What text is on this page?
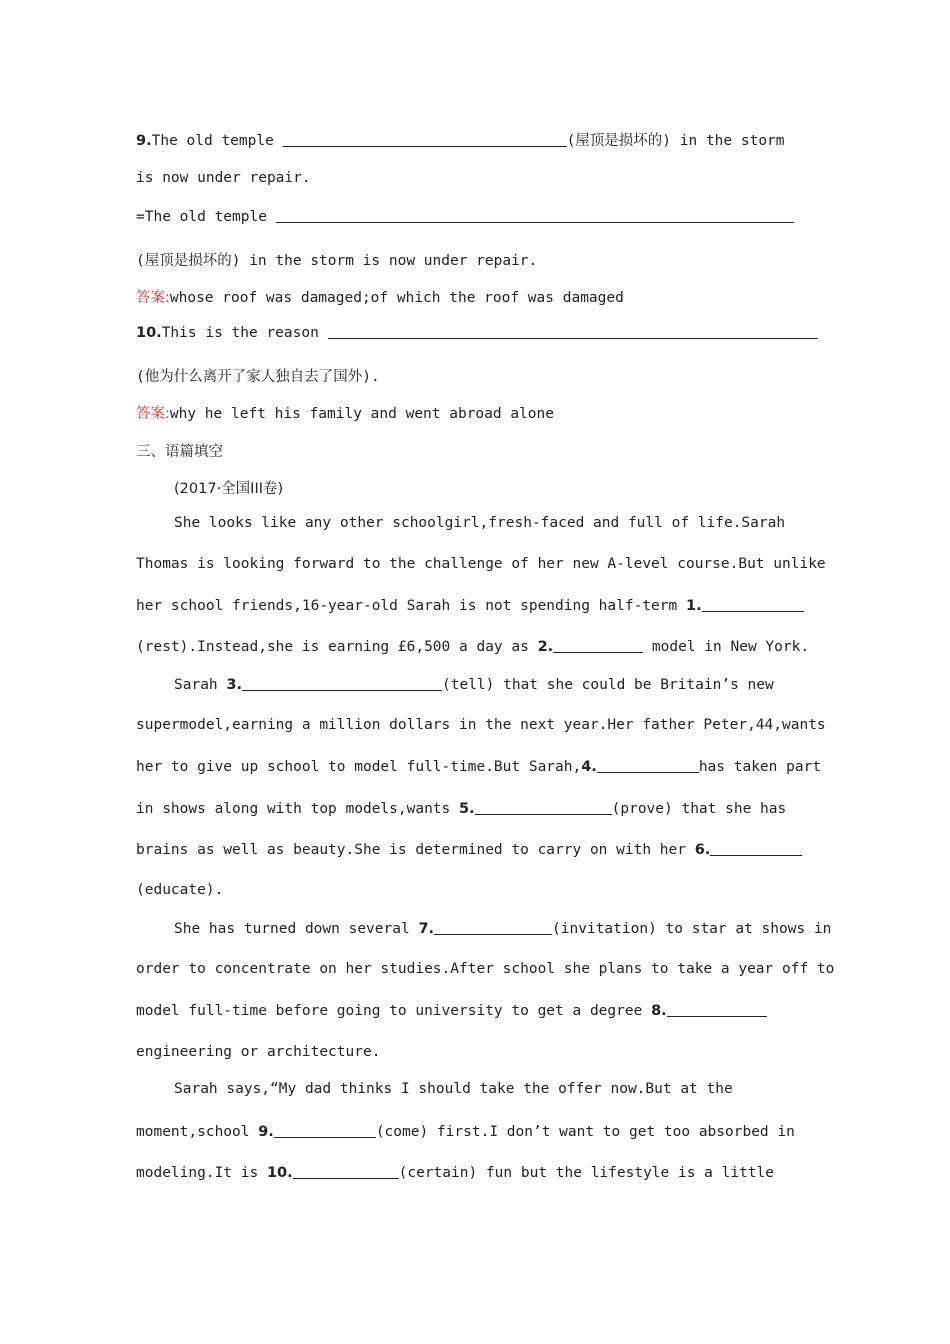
9.The old temple	(屋顶是损坏的) in the storm
is now under repair.
=The old temple
(屋顶是损坏的) in the storm is now under repair.
答案:whose roof was damaged;of which the roof was damaged
10.This is the reason
(他为什么离开了家人独自去了国外).
答案:why he left his family and went abroad alone
三、语篇填空
(2017·全国III卷)
She looks like any other schoolgirl,fresh-faced and full of life.Sarah
Thomas is looking forward to the challenge of her new A-level course.But unlike
her school friends,16-year-old Sarah is not spending half-term 1.
(rest).Instead,she is earning £6,500 a day as 2.	model in New York.
Sarah 3.	(tell) that she could be Britain’s new
supermodel,earning a million dollars in the next year.Her father Peter,44,wants
her to give up school to model full-time.But Sarah,4.	has taken part
in shows along with top models,wants 5.	(prove) that she has
brains as well as beauty.She is determined to carry on with her 6.
(educate).
She has turned down several 7.	(invitation) to star at shows in
order to concentrate on her studies.After school she plans to take a year off to
model full-time before going to university to get a degree 8.
engineering or architecture.
Sarah says,“My dad thinks I should take the offer now.But at the
moment,school 9.	(come) first.I don’t want to get too absorbed in
modeling.It is 10.	(certain) fun but the lifestyle is a little
